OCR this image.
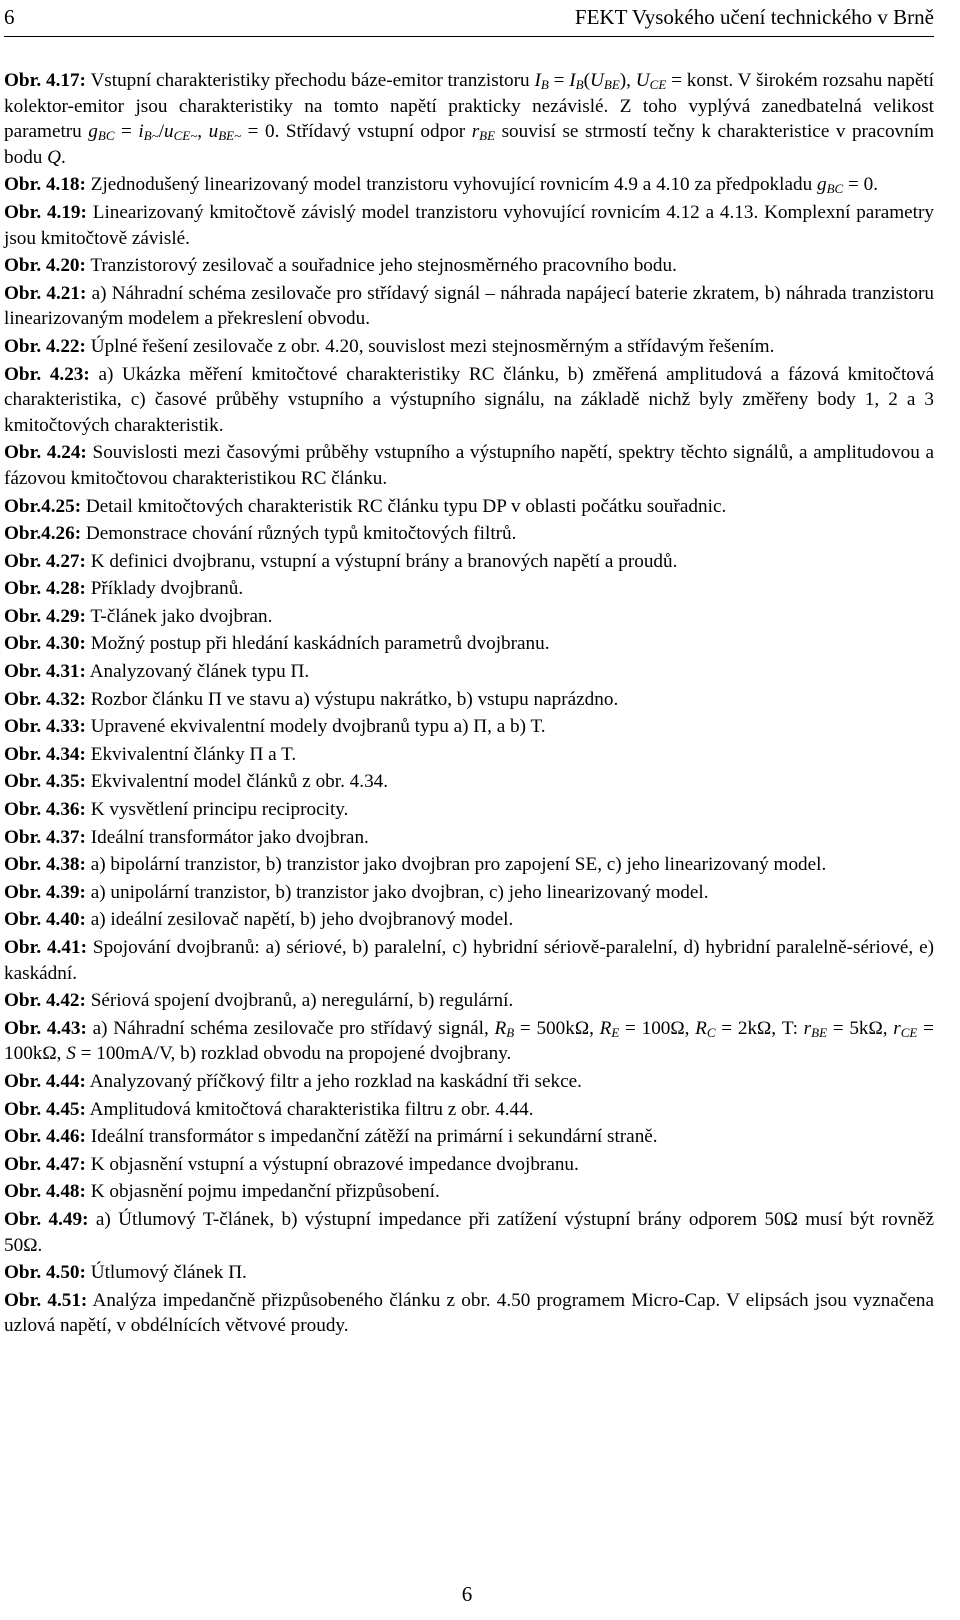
6	FEKT Vysokého učení technického v Brně

Obr. 4.17: Vstupní charakteristiky přechodu báze-emitor tranzistoru $I_B = I_B(U_{BE})$, $U_{CE}$ = konst. V širokém rozsahu napětí kolektor-emitor jsou charakteristiky na tomto napětí prakticky nezávislé. Z toho vyplývá zanedbatelná velikost parametru $g_{BC} = i_{B\sim}/u_{CE\sim}$, $u_{BE\sim} = 0$. Střídavý vstupní odpor $r_{BE}$ souvisí se strmostí tečny k charakteristice v pracovním bodu Q.

Obr. 4.18: Zjednodušený linearizovaný model tranzistoru vyhovující rovnicím 4.9 a 4.10 za předpokladu $g_{BC} = 0$.

Obr. 4.19: Linearizovaný kmitočtově závislý model tranzistoru vyhovující rovnicím 4.12 a 4.13. Komplexní parametry jsou kmitočtově závislé.

Obr. 4.20: Tranzistorový zesilovač a souřadnice jeho stejnosměrného pracovního bodu.

Obr. 4.21: a) Náhradní schéma zesilovače pro střídavý signál – náhrada napájecí baterie zkratem, b) náhrada tranzistoru linearizovaným modelem a překreslení obvodu.

Obr. 4.22: Úplné řešení zesilovače z obr. 4.20, souvislost mezi stejnosměrným a střídavým řešením.

Obr. 4.23: a) Ukázka měření kmitočtové charakteristiky RC článku, b) změřená amplitudová a fázová kmitočtová charakteristika, c) časové průběhy vstupního a výstupního signálu, na základě nichž byly změřeny body 1, 2 a 3 kmitočtových charakteristik.

Obr. 4.24: Souvislosti mezi časovými průběhy vstupního a výstupního napětí, spektry těchto signálů, a amplitudovou a fázovou kmitočtovou charakteristikou RC článku.

Obr.4.25: Detail kmitočtových charakteristik RC článku typu DP v oblasti počátku souřadnic.

Obr.4.26: Demonstrace chování různých typů kmitočtových filtrů.

Obr. 4.27: K definici dvojbranu, vstupní a výstupní brány a branových napětí a proudů.

Obr. 4.28: Příklady dvojbranů.

Obr. 4.29: T-článek jako dvojbran.

Obr. 4.30: Možný postup při hledání kaskádních parametrů dvojbranu.

Obr. 4.31: Analyzovaný článek typu Π.

Obr. 4.32: Rozbor článku Π ve stavu a) výstupu nakrátko, b) vstupu naprázdno.

Obr. 4.33: Upravené ekvivalentní modely dvojbranů typu a) Π, a b) T.

Obr. 4.34: Ekvivalentní články Π a T.

Obr. 4.35: Ekvivalentní model článků z obr. 4.34.

Obr. 4.36: K vysvětlení principu reciprocity.

Obr. 4.37: Ideální transformátor jako dvojbran.

Obr. 4.38: a) bipolární tranzistor, b) tranzistor jako dvojbran pro zapojení SE, c) jeho linearizovaný model.

Obr. 4.39: a) unipolární tranzistor, b) tranzistor jako dvojbran, c) jeho linearizovaný model.

Obr. 4.40: a) ideální zesilovač napětí, b) jeho dvojbranový model.

Obr. 4.41: Spojování dvojbranů: a) sériové, b) paralelní, c) hybridní sériově-paralelní, d) hybridní paralelně-sériové, e) kaskádní.

Obr. 4.42: Sériová spojení dvojbranů, a) neregulární, b) regulární.

Obr. 4.43: a) Náhradní schéma zesilovače pro střídavý signál, $R_B = 500k\Omega$, $R_E = 100\Omega$, $R_C = 2k\Omega$, T: $r_{BE} = 5k\Omega$, $r_{CE} = 100k\Omega$, S = 100mA/V, b) rozklad obvodu na propojené dvojbrany.

Obr. 4.44: Analyzovaný příčkový filtr a jeho rozklad na kaskádní tři sekce.

Obr. 4.45: Amplitudová kmitočtová charakteristika filtru z obr. 4.44.

Obr. 4.46: Ideální transformátor s impedanční zátěží na primární i sekundární straně.

Obr. 4.47: K objasnění vstupní a výstupní obrazové impedance dvojbranu.

Obr. 4.48: K objasnění pojmu impedanční přizpůsobení.

Obr. 4.49: a) Útlumový T-článek, b) výstupní impedance při zatížení výstupní brány odporem 50Ω musí být rovněž 50Ω.

Obr. 4.50: Útlumový článek Π.

Obr. 4.51: Analýza impedančně přizpůsobeného článku z obr. 4.50 programem Micro-Cap. V elipsách jsou vyznačena uzlová napětí, v obdélnících větvové proudy.

6
